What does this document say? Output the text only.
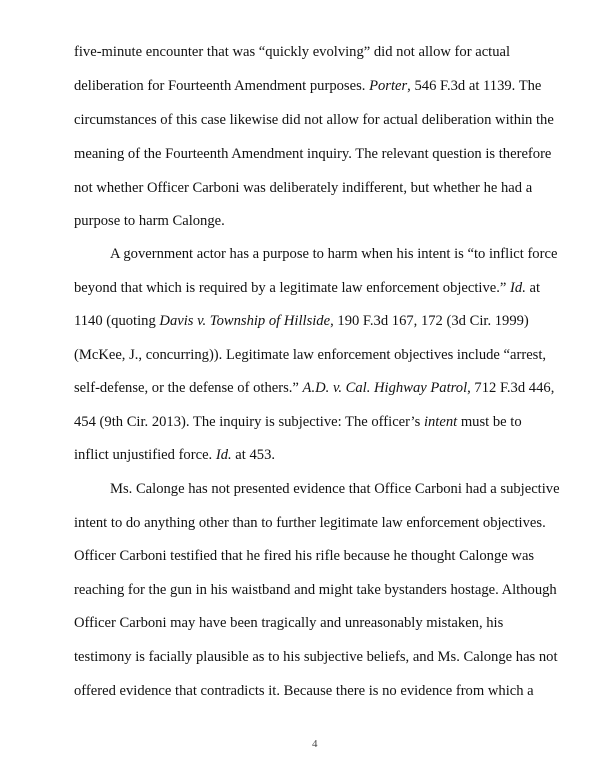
five-minute encounter that was “quickly evolving” did not allow for actual
deliberation for Fourteenth Amendment purposes. Porter, 546 F.3d at 1139. The
circumstances of this case likewise did not allow for actual deliberation within the
meaning of the Fourteenth Amendment inquiry. The relevant question is therefore
not whether Officer Carboni was deliberately indifferent, but whether he had a
purpose to harm Calonge.
A government actor has a purpose to harm when his intent is “to inflict force
beyond that which is required by a legitimate law enforcement objective.” Id. at
1140 (quoting Davis v. Township of Hillside, 190 F.3d 167, 172 (3d Cir. 1999)
(McKee, J., concurring)). Legitimate law enforcement objectives include “arrest,
self-defense, or the defense of others.” A.D. v. Cal. Highway Patrol, 712 F.3d 446,
454 (9th Cir. 2013). The inquiry is subjective: The officer’s intent must be to
inflict unjustified force. Id. at 453.
Ms. Calonge has not presented evidence that Office Carboni had a subjective
intent to do anything other than to further legitimate law enforcement objectives.
Officer Carboni testified that he fired his rifle because he thought Calonge was
reaching for the gun in his waistband and might take bystanders hostage. Although
Officer Carboni may have been tragically and unreasonably mistaken, his
testimony is facially plausible as to his subjective beliefs, and Ms. Calonge has not
offered evidence that contradicts it. Because there is no evidence from which a
4
